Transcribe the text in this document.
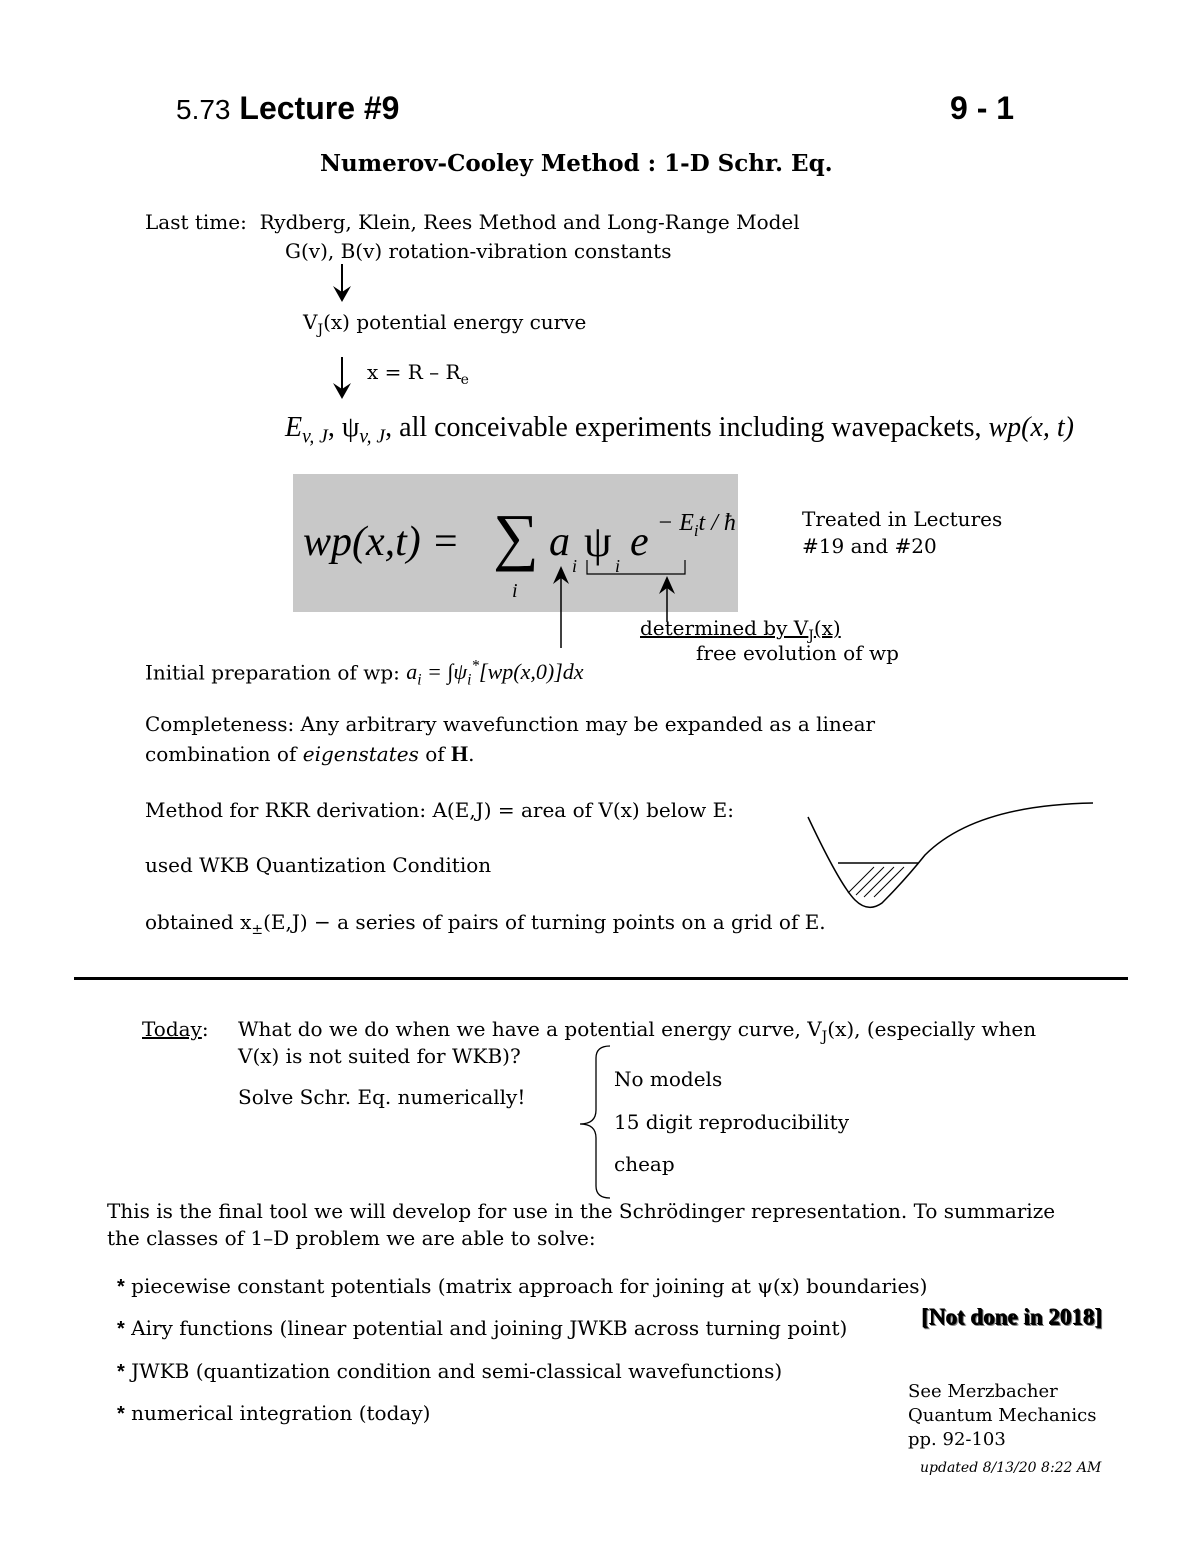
5.73 Lecture #9	9 - 1
Numerov-Cooley Method : 1-D Schr. Eq.
Last time: Rydberg, Klein, Rees Method and Long-Range Model
G(v), B(v) rotation-vibration constants
$V_J(x)$ potential energy curve
$x = R - R_e$
$E_{v, J}$, $\psi_{v, J}$, all conceivable experiments including wavepackets, wp(x, t)
wp(x,t) = ∑
i
a
i ψ i
$e - E_it$ / ħ	Treated in Lectures
#19 and #20
determined by $V_J(x)$
free evolution of wp
Initial preparation of wp: $a_i = \int\psi_i^*[wp(x,0)]dx$
Completeness: Any arbitrary wavefunction may be expanded as a linear
combination of eigenstates of H.
Method for RKR derivation: A(E,J) = area of V(x) below E:
used WKB Quantization Condition
obtained $x_\pm(E,J) - a$ series of pairs of turning points on a grid of E.
Today: What do we do when we have a potential energy curve, $V_J(x)$, (especially when
V(x) is not suited for WKB)?
Solve Schr. Eq. numerically!
No models
15 digit reproducibility
cheap
This is the final tool we will develop for use in the Schrödinger representation. To summarize
the classes of 1–D problem we are able to solve:
* piecewise constant potentials (matrix approach for joining at ψ(x) boundaries)
* Airy functions (linear potential and joining JWKB across turning point)	[Not done in 2018]
* JWKB (quantization condition and semi-classical wavefunctions)
* numerical integration (today)
See Merzbacher
Quantum Mechanics
pp. 92-103
updated 8/13/20 8:22 AM
